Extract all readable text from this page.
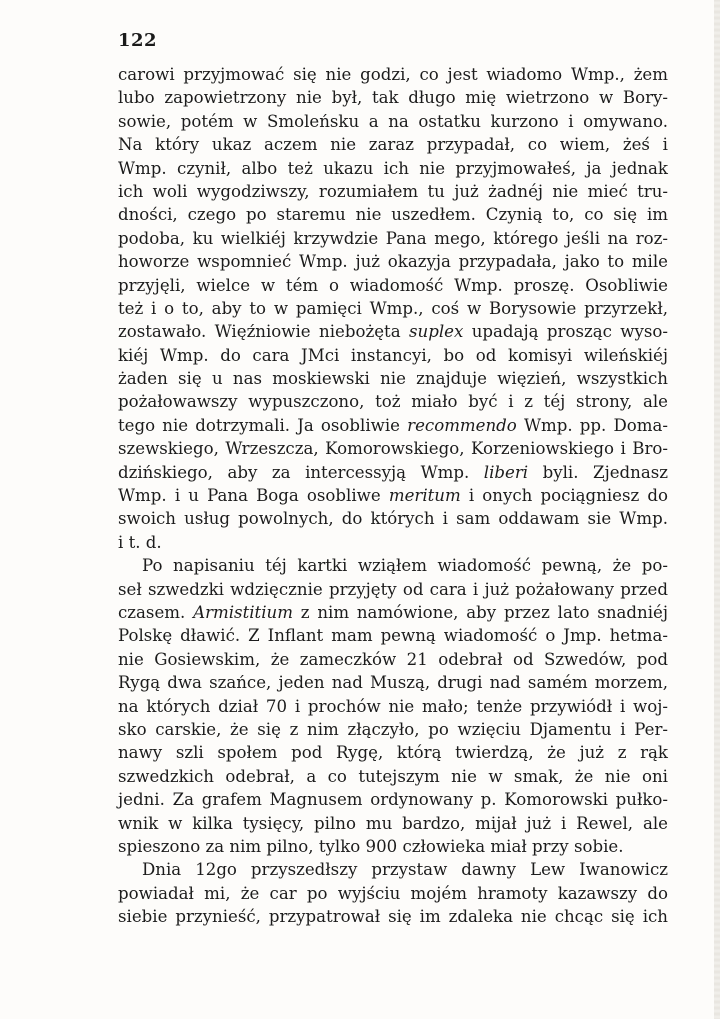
122
carowi przyjmować się nie godzi, co jest wiadomo Wmp., żem
lubo zapowietrzony nie był, tak długo mię wietrzono w Bory-
sowie, potém w Smoleńsku a na ostatku kurzono i omywano.
Na który ukaz aczem nie zaraz przypadał, co wiem, żeś i
Wmp. czynił, albo też ukazu ich nie przyjmowałeś, ja jednak
ich woli wygodziwszy, rozumiałem tu już żadnéj nie mieć tru-
dności, czego po staremu nie uszedłem. Czynią to, co się im
podoba, ku wielkiéj krzywdzie Pana mego, którego jeśli na roz-
howorze wspomnieć Wmp. już okazyja przypadała, jako to mile
przyjęli, wielce w tém o wiadomość Wmp. proszę. Osobliwie
też i o to, aby to w pamięci Wmp., coś w Borysowie przyrzekł,
zostawało. Więźniowie niebożęta suplex upadają prosząc wyso-
kiéj Wmp. do cara JMci instancyi, bo od komisyi wileńskiéj
żaden się u nas moskiewski nie znajduje więzień, wszystkich
pożałowawszy wypuszczono, toż miało być i z téj strony, ale
tego nie dotrzymali. Ja osobliwie recommendo Wmp. pp. Doma-
szewskiego, Wrzeszcza, Komorowskiego, Korzeniowskiego i Bro-
dzińskiego, aby za intercessyją Wmp. liberi byli. Zjednasz
Wmp. i u Pana Boga osobliwe meritum i onych pociągniesz do
swoich usług powolnych, do których i sam oddawam sie Wmp.
i t. d.
Po napisaniu téj kartki wziąłem wiadomość pewną, że po-
seł szwedzki wdzięcznie przyjęty od cara i już pożałowany przed
czasem. Armistitium z nim namówione, aby przez lato snadniéj
Polskę dławić. Z Inflant mam pewną wiadomość o Jmp. hetma-
nie Gosiewskim, że zameczków 21 odebrał od Szwedów, pod
Rygą dwa szańce, jeden nad Muszą, drugi nad samém morzem,
na których dział 70 i prochów nie mało; tenże przywiódł i woj-
sko carskie, że się z nim złączyło, po wzięciu Djamentu i Per-
nawy szli społem pod Rygę, którą twierdzą, że już z rąk
szwedzkich odebrał, a co tutejszym nie w smak, że nie oni
jedni. Za grafem Magnusem ordynowany p. Komorowski pułko-
wnik w kilka tysięcy, pilno mu bardzo, mijał już i Rewel, ale
spieszono za nim pilno, tylko 900 człowieka miał przy sobie.
Dnia 12go przyszedłszy przystaw dawny Lew Iwanowicz
powiadał mi, że car po wyjściu mojém hramoty kazawszy do
siebie przynieść, przypatrował się im zdaleka nie chcąc się ich
